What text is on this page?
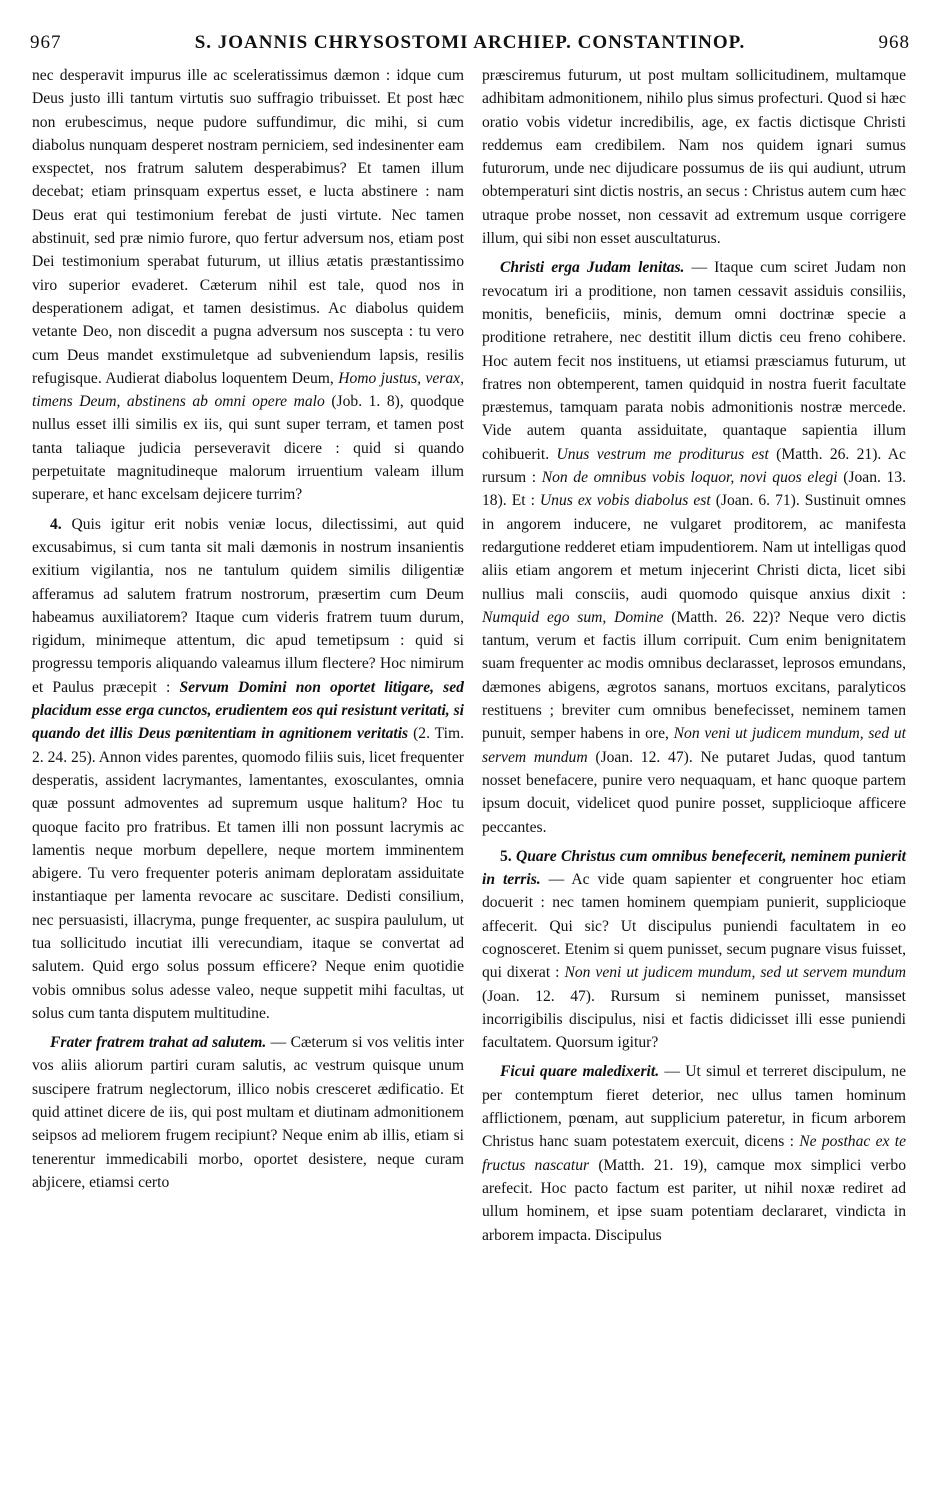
967	S. JOANNIS CHRYSOSTOMI ARCHIEP. CONSTANTINOP.	968

nec desperavit impurus ille ac sceleratissimus dæmon : idque cum Deus justo illi tantum virtutis suo suffragio tribuisset. Et post hæc non erubescimus, neque pudore suffundimur, dic mihi, si cum diabolus nunquam desperet nostram perniciem, sed indesinenter eam exspectet, nos fratrum salutem desperabimus? Et tamen illum decebat; etiam prinsquam expertus esset, e lucta abstinere : nam Deus erat qui testimonium ferebat de justi virtute. Nec tamen abstinuit, sed præ nimio furore, quo fertur adversum nos, etiam post Dei testimonium sperabat futurum, ut illius ætatis præstantissimo viro superior evaderet. Cæterum nihil est tale, quod nos in desperationem adigat, et tamen desistimus. Ac diabolus quidem vetante Deo, non discedit a pugna adversum nos suscepta : tu vero cum Deus mandet exstimuletque ad subveniendum lapsis, resilis refugisque. Audierat diabolus loquentem Deum, Homo justus, verax, timens Deum, abstinens ab omni opere malo (Job. 1. 8), quodque nullus esset illi similis ex iis, qui sunt super terram, et tamen post tanta taliaque judicia perseveravit dicere : quid si quando perpetuitate magnitudineque malorum irruentium valeam illum superare, et hanc excelsam dejicere turrim?

4. Quis igitur erit nobis veniæ locus, dilectissimi, aut quid excusabimus, si cum tanta sit mali dæmonis in nostrum insanientis exitium vigilantia, nos ne tantulum quidem similis diligentiæ afferamus ad salutem fratrum nostrorum, præsertim cum Deum habeamus auxiliatorem? Itaque cum videris fratrem tuum durum, rigidum, minimeque attentum, dic apud temetipsum : quid si progressu temporis aliquando valeamus illum flectere? Hoc nimirum et Paulus præcepit : Servum Domini non oportet litigare, sed placidum esse erga cunctos, erudientem eos qui resistunt veritati, si quando det illis Deus pœnitentiam in agnitionem veritatis (2. Tim. 2. 24. 25). Annon vides parentes, quomodo filiis suis, licet frequenter desperatis, assident lacrymantes, lamentantes, exosculantes, omnia quæ possunt admoventes ad supremum usque halitum? Hoc tu quoque facito pro fratribus. Et tamen illi non possunt lacrymis ac lamentis neque morbum depellere, neque mortem imminentem abigere. Tu vero frequenter poteris animam deploratam assiduitate instantiaque per lamenta revocare ac suscitare. Dedisti consilium, nec persuasisti, illacryma, punge frequenter, ac suspira paululum, ut tua sollicitudo incutiat illi verecundiam, itaque se convertat ad salutem. Quid ergo solus possum efficere? Neque enim quotidie vobis omnibus solus adesse valeo, neque suppetit mihi facultas, ut solus cum tanta disputem multitudine.

Frater fratrem trahat ad salutem. — Cæterum si vos velitis inter vos aliis aliorum partiri curam salutis, ac vestrum quisque unum suscipere fratrum neglectorum, illico nobis cresceret ædificatio. Et quid attinet dicere de iis, qui post multam et diutinam admonitionem seipsos ad meliorem frugem recipiunt? Neque enim ab illis, etiam si tenerentur immedicabili morbo, oportet desistere, neque curam abjicere, etiamsi certo

præsciremus futurum, ut post multam sollicitudinem, multamque adhibitam admonitionem, nihilo plus simus profecturi. Quod si hæc oratio vobis videtur incredibilis, age, ex factis dictisque Christi reddemus eam credibilem. Nam nos quidem ignari sumus futurorum, unde nec dijudicare possumus de iis qui audiunt, utrum obtemperaturi sint dictis nostris, an secus : Christus autem cum hæc utraque probe nosset, non cessavit ad extremum usque corrigere illum, qui sibi non esset auscultaturus.

Christi erga Judam lenitas. — Itaque cum sciret Judam non revocatum iri a proditione, non tamen cessavit assiduis consiliis, monitis, beneficiis, minis, demum omni doctrinæ specie a proditione retrahere, nec destitit illum dictis ceu freno cohibere. Hoc autem fecit nos instituens, ut etiamsi præsciamus futurum, ut fratres non obtemperent, tamen quidquid in nostra fuerit facultate præstemus, tamquam parata nobis admonitionis nostræ mercede. Vide autem quanta assiduitate, quantaque sapientia illum cohibuerit. Unus vestrum me proditurus est (Matth. 26. 21). Ac rursum : Non de omnibus vobis loquor, novi quos elegi (Joan. 13. 18). Et : Unus ex vobis diabolus est (Joan. 6. 71). Sustinuit omnes in angorem inducere, ne vulgaret proditorem, ac manifesta redargutione redderet etiam impudentiorem. Nam ut intelligas quod aliis etiam angorem et metum injecerint Christi dicta, licet sibi nullius mali consciis, audi quomodo quisque anxius dixit : Numquid ego sum, Domine (Matth. 26. 22)? Neque vero dictis tantum, verum et factis illum corripuit. Cum enim benignitatem suam frequenter ac modis omnibus declarasset, leprosos emundans, dæmones abigens, ægrotos sanans, mortuos excitans, paralyticos restituens ; breviter cum omnibus benefecisset, neminem tamen punuit, semper habens in ore, Non veni ut judicem mundum, sed ut servem mundum (Joan. 12. 47). Ne putaret Judas, quod tantum nosset benefacere, punire vero nequaquam, et hanc quoque partem ipsum docuit, videlicet quod punire posset, supplicioque afficere peccantes.

5. Quare Christus cum omnibus benefecerit, neminem punierit in terris. — Ac vide quam sapienter et congruenter hoc etiam docuerit : nec tamen hominem quempiam punierit, supplicioque affecerit. Qui sic? Ut discipulus puniendi facultatem in eo cognosceret. Etenim si quem punisset, secum pugnare visus fuisset, qui dixerat : Non veni ut judicem mundum, sed ut servem mundum (Joan. 12. 47). Rursum si neminem punisset, mansisset incorrigibilis discipulus, nisi et factis didicisset illi esse puniendi facultatem. Quorsum igitur?

Ficui quare maledixerit. — Ut simul et terreret discipulum, ne per contemptum fieret deterior, nec ullus tamen hominum afflictionem, pœnam, aut supplicium pateretur, in ficum arborem Christus hanc suam potestatem exercuit, dicens : Ne posthac ex te fructus nascatur (Matth. 21. 19), camque mox simplici verbo arefecit. Hoc pacto factum est pariter, ut nihil noxæ rediret ad ullum hominem, et ipse suam potentiam declararet, vindicta in arborem impacta. Discipulus
